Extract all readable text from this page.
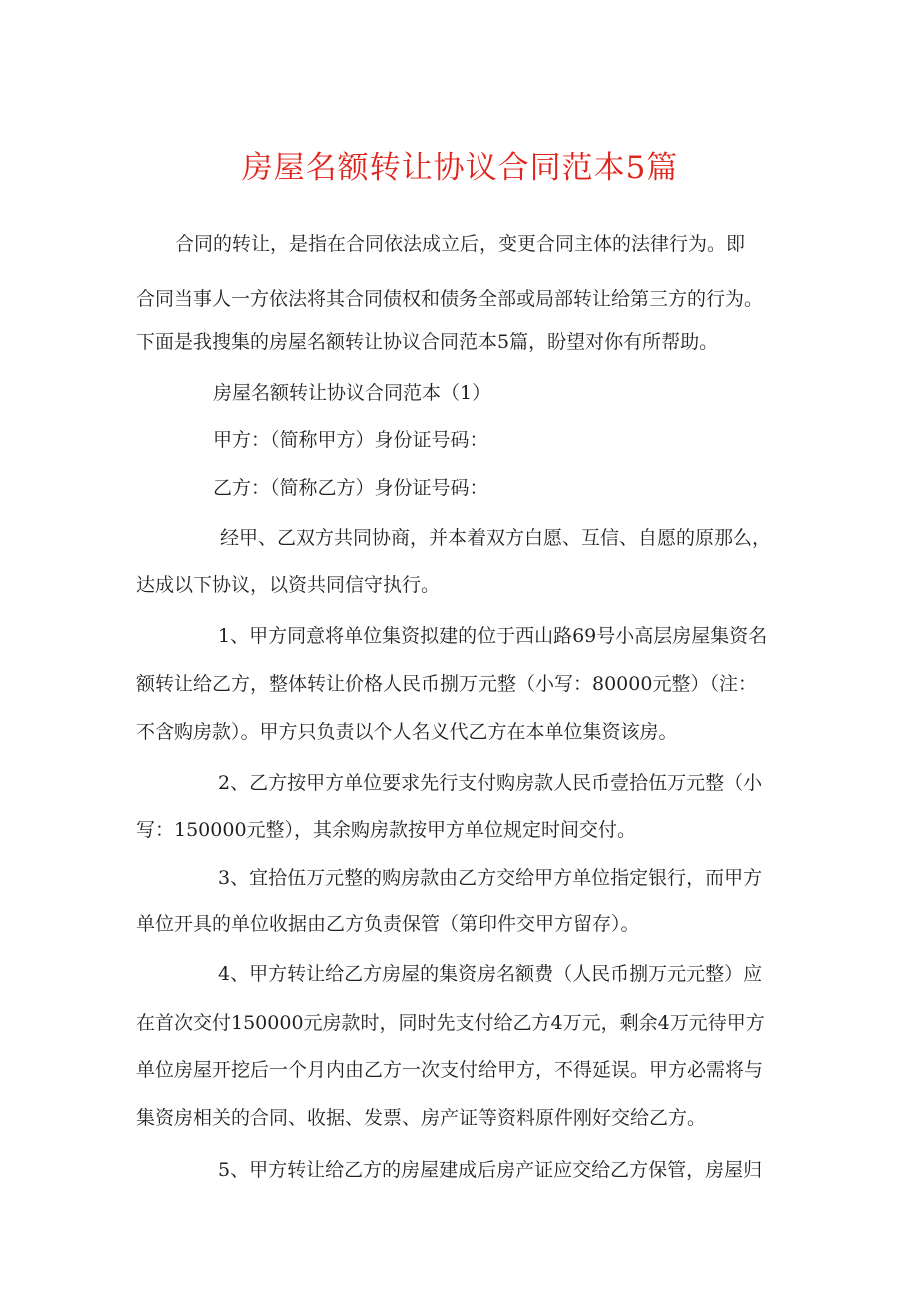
房屋名额转让协议合同范本5篇
合同的转让，是指在合同依法成立后，变更合同主体的法律行为。即
合同当事人一方依法将其合同债权和债务全部或局部转让给第三方的行为。
下面是我搜集的房屋名额转让协议合同范本5篇，盼望对你有所帮助。
房屋名额转让协议合同范本（1）
甲方：（简称甲方）身份证号码：
乙方：（简称乙方）身份证号码：
经甲、乙双方共同协商，并本着双方白愿、互信、自愿的原那么，
达成以下协议，以资共同信守执行。
1、甲方同意将单位集资拟建的位于西山路69号小高层房屋集资名
额转让给乙方，整体转让价格人民币捌万元整（小写：80000元整）（注：
不含购房款）。甲方只负责以个人名义代乙方在本单位集资该房。
2、乙方按甲方单位要求先行支付购房款人民币壹拾伍万元整（小
写：150000元整），其余购房款按甲方单位规定时间交付。
3、宜拾伍万元整的购房款由乙方交给甲方单位指定银行，而甲方
单位开具的单位收据由乙方负责保管（第印件交甲方留存）。
4、甲方转让给乙方房屋的集资房名额费（人民币捌万元元整）应
在首次交付150000元房款时，同时先支付给乙方4万元，剩余4万元待甲方
单位房屋开挖后一个月内由乙方一次支付给甲方，不得延误。甲方必需将与
集资房相关的合同、收据、发票、房产证等资料原件刚好交给乙方。
5、甲方转让给乙方的房屋建成后房产证应交给乙方保管，房屋归
